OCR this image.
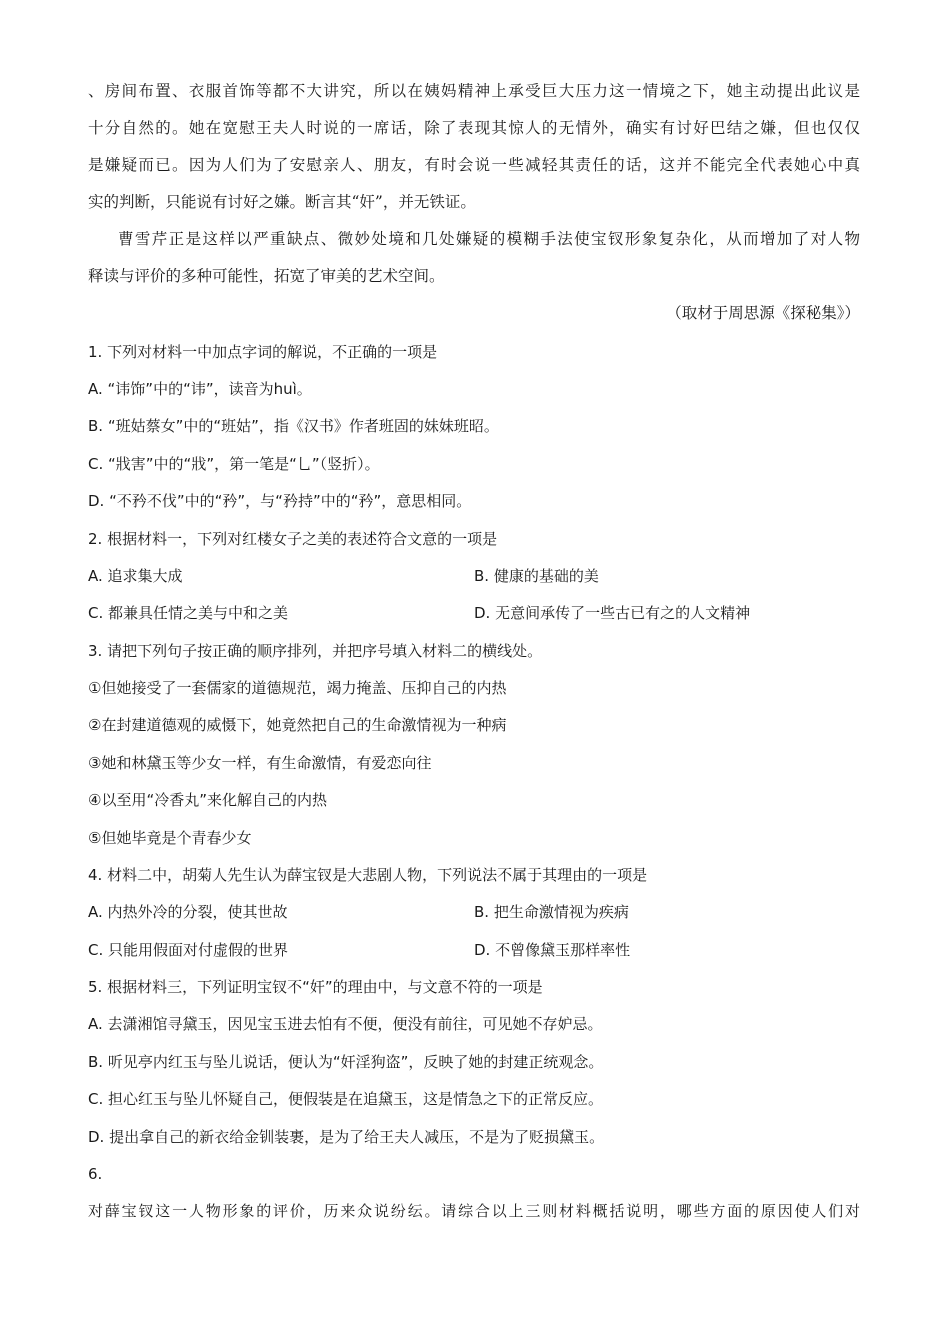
、房间布置、衣服首饰等都不大讲究，所以在姨妈精神上承受巨大压力这一情境之下，她主动提出此议是
十分自然的。她在宽慰王夫人时说的一席话，除了表现其惊人的无情外，确实有讨好巴结之嫌，但也仅仅
是嫌疑而已。因为人们为了安慰亲人、朋友，有时会说一些减轻其责任的话，这并不能完全代表她心中真
实的判断，只能说有讨好之嫌。断言其“奸”，并无铁证。
曹雪芹正是这样以严重缺点、微妙处境和几处嫌疑的模糊手法使宝钗形象复杂化，从而增加了对人物
释读与评价的多种可能性，拓宽了审美的艺术空间。
（取材于周思源《探秘集》）
1. 下列对材料一中加点字词的解说，不正确的一项是
A. “讳饰”中的“讳”，读音为huì。
B. “班姑蔡女”中的“班姑”，指《汉书》作者班固的妹妹班昭。
C. “戕害”中的“戕”，第一笔是“乚”（竖折）。
D. “不矜不伐”中的“矜”，与“矜持”中的“矜”，意思相同。
2. 根据材料一，下列对红楼女子之美的表述符合文意的一项是
A. 追求集大成	B. 健康的基础的美
C. 都兼具任情之美与中和之美	D. 无意间承传了一些古已有之的人文精神
3. 请把下列句子按正确的顺序排列，并把序号填入材料二的横线处。
①但她接受了一套儒家的道德规范，竭力掩盖、压抑自己的内热
②在封建道德观的威慑下，她竟然把自己的生命激情视为一种病
③她和林黛玉等少女一样，有生命激情，有爱恋向往
④以至用“冷香丸”来化解自己的内热
⑤但她毕竟是个青春少女
4. 材料二中，胡菊人先生认为薛宝钗是大悲剧人物，下列说法不属于其理由的一项是
A. 内热外冷的分裂，使其世故	B. 把生命激情视为疾病
C. 只能用假面对付虚假的世界	D. 不曾像黛玉那样率性
5. 根据材料三，下列证明宝钗不“奸”的理由中，与文意不符的一项是
A. 去潇湘馆寻黛玉，因见宝玉进去怕有不便，便没有前往，可见她不存妒忌。
B. 听见亭内红玉与坠儿说话，便认为“奸淫狗盗”，反映了她的封建正统观念。
C. 担心红玉与坠儿怀疑自己，便假装是在追黛玉，这是情急之下的正常反应。
D. 提出拿自己的新衣给金钏装裹，是为了给王夫人减压，不是为了贬损黛玉。
6.
对薛宝钗这一人物形象的评价，历来众说纷纭。请综合以上三则材料概括说明，哪些方面的原因使人们对
